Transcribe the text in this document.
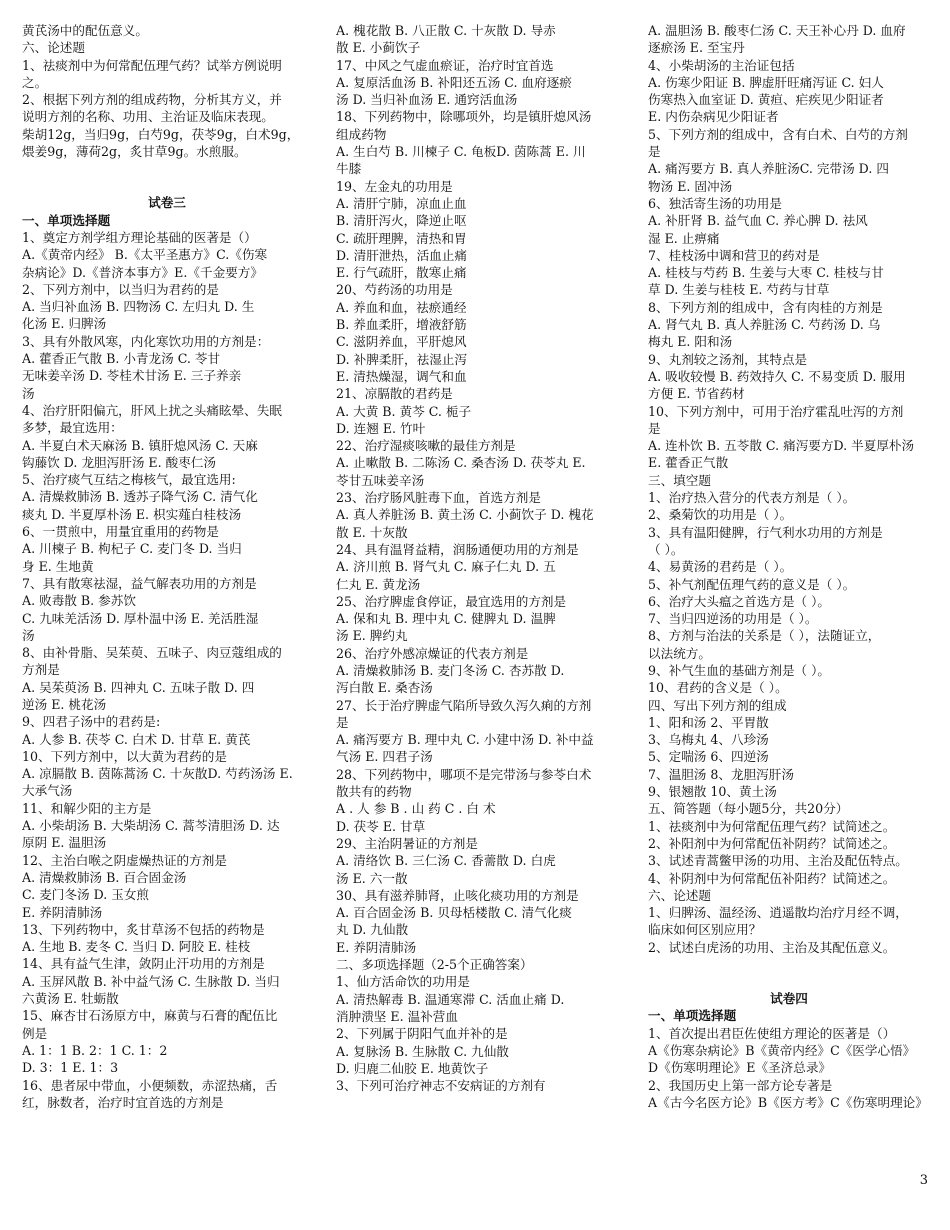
黄芪汤中的配伍意义。
六、论述题
1、祛痰剂中为何常配伍理气药？试举方例说明
之。
2、根据下列方剂的组成药物，分析其方义，并
说明方剂的名称、功用、主治证及临床表现。
柴胡12g，当归9g，白芍9g，茯苓9g，白术9g，
煨姜9g，薄荷2g，炙甘草9g。水煎服。
试卷三
一、单项选择题
1、奠定方剂学组方理论基础的医著是（）
A.《黄帝内经》 B.《太平圣惠方》C.《伤寒
杂病论》D.《普济本事方》E.《千金要方》
2、下列方剂中，以当归为君药的是
A. 当归补血汤 B. 四物汤 C. 左归丸 D. 生
化汤 E. 归脾汤
3、具有外散风寒，内化寒饮功用的方剂是：
A. 藿香正气散 B. 小青龙汤 C. 苓甘
无味姜辛汤 D. 苓桂术甘汤 E. 三子养亲
汤
4、治疗肝阳偏亢，肝风上扰之头痛眩晕、失眠
多梦，最宜选用：
A. 半夏白术天麻汤 B. 镇肝熄风汤 C. 天麻
钩藤饮 D. 龙胆泻肝汤 E. 酸枣仁汤
5、治疗痰气互结之梅核气，最宜选用:
A. 清燥救肺汤 B. 透苏子降气汤 C. 清气化
痰丸 D. 半夏厚朴汤 E. 枳实薤白桂枝汤
6、一贯煎中，用量宜重用的药物是
A. 川楝子 B. 枸杞子 C. 麦门冬 D. 当归
身 E. 生地黄
7、具有散寒祛湿，益气解表功用的方剂是
A. 败毒散 B. 参苏饮
C. 九味羌活汤 D. 厚朴温中汤 E. 羌活胜湿
汤
8、由补骨脂、吴茱萸、五味子、肉豆蔻组成的
方剂是
A. 吴茱萸汤 B. 四神丸 C. 五味子散 D. 四
逆汤 E. 桃花汤
9、四君子汤中的君药是:
A. 人参 B. 茯苓 C. 白术 D. 甘草 E. 黄芪
10、下列方剂中，以大黄为君药的是
A. 凉膈散 B. 茵陈蒿汤 C. 十灰散D. 芍药汤汤 E.
大承气汤
11、和解少阳的主方是
A. 小柴胡汤 B. 大柴胡汤 C. 蒿芩清胆汤 D. 达
原阴 E. 温胆汤
12、主治白喉之阴虚燥热证的方剂是
A. 清燥救肺汤 B. 百合固金汤
C. 麦门冬汤 D. 玉女煎
E. 养阴清肺汤
13、下列药物中，炙甘草汤不包括的药物是
A. 生地 B. 麦冬 C. 当归 D. 阿胶 E. 桂枝
14、具有益气生津，敛阴止汗功用的方剂是
A. 玉屏风散 B. 补中益气汤 C. 生脉散 D. 当归
六黄汤 E. 牡蛎散
15、麻杏甘石汤原方中，麻黄与石膏的配伍比
例是
A. 1：1 B. 2：1 C. 1：2
D. 3：1 E. 1：3
16、患者尿中带血，小便频数，赤涩热痛，舌
红，脉数者，治疗时宜首选的方剂是
A. 槐花散 B. 八正散 C. 十灰散 D. 导赤
散 E. 小蓟饮子
17、中风之气虚血瘀证，治疗时宜首选
A. 复原活血汤 B. 补阳还五汤 C. 血府逐瘀
汤 D. 当归补血汤 E. 通窍活血汤
18、下列药物中，除哪项外，均是镇肝熄风汤
组成药物
A. 生白芍 B. 川楝子 C. 龟板D. 茵陈蒿 E. 川
牛膝
19、左金丸的功用是
A. 清肝宁肺，凉血止血
B. 清肝泻火，降逆止呕
C. 疏肝理脾，清热和胃
D. 清肝泄热，活血止痛
E. 行气疏肝，散寒止痛
20、芍药汤的功用是
A. 养血和血，祛瘀通经
B. 养血柔肝，增液舒筋
C. 滋阴养血，平肝熄风
D. 补脾柔肝，祛湿止泻
E. 清热燥湿，调气和血
21、凉膈散的君药是
A. 大黄 B. 黄芩 C. 栀子
D. 连翘 E. 竹叶
22、治疗湿痰咳嗽的最佳方剂是
A. 止嗽散 B. 二陈汤 C. 桑杏汤 D. 茯苓丸 E.
苓甘五味姜辛汤
23、治疗肠风脏毒下血，首选方剂是
A. 真人养脏汤 B. 黄土汤 C. 小蓟饮子 D. 槐花
散 E. 十灰散
24、具有温肾益精，润肠通便功用的方剂是
A. 济川煎 B. 肾气丸 C. 麻子仁丸 D. 五
仁丸 E. 黄龙汤
25、治疗脾虚食停证，最宜选用的方剂是
A. 保和丸 B. 理中丸 C. 健脾丸 D. 温脾
汤 E. 脾约丸
26、治疗外感凉燥证的代表方剂是
A. 清燥救肺汤 B. 麦门冬汤 C. 杏苏散 D.
泻白散 E. 桑杏汤
27、长于治疗脾虚气陷所导致久泻久痢的方剂
是
A. 痛泻要方 B. 理中丸 C. 小建中汤 D. 补中益
气汤 E. 四君子汤
28、下列药物中，哪项不是完带汤与参苓白术
散共有的药物
A . 人 参 B . 山 药 C . 白 术
D. 茯苓 E. 甘草
29、主治阴暑证的方剂是
A. 清络饮 B. 三仁汤 C. 香薷散 D. 白虎
汤 E. 六一散
30、具有滋养肺肾，止咳化痰功用的方剂是
A. 百合固金汤 B. 贝母栝楼散 C. 清气化痰
丸 D. 九仙散
E. 养阴清肺汤
二、多项选择题（2-5个正确答案）
1、仙方活命饮的功用是
A. 清热解毒 B. 温通寒滞 C. 活血止痛 D.
消肿溃坚 E. 温补营血
2、下列属于阴阳气血并补的是
A. 复脉汤 B. 生脉散 C. 九仙散
D. 归鹿二仙胶 E. 地黄饮子
3、下列可治疗神志不安病证的方剂有
A. 温胆汤 B. 酸枣仁汤 C. 天王补心丹 D. 血府
逐瘀汤 E. 至宝丹
4、小柴胡汤的主治证包括
A. 伤寒少阳证 B. 脾虚肝旺痛泻证 C. 妇人
伤寒热入血室证 D. 黄疸、疟疾见少阳证者
E. 内伤杂病见少阳证者
5、下列方剂的组成中，含有白术、白芍的方剂
是
A. 痛泻要方 B. 真人养脏汤C. 完带汤 D. 四
物汤 E. 固冲汤
6、独活寄生汤的功用是
A. 补肝肾 B. 益气血 C. 养心脾 D. 祛风
湿 E. 止痹痛
7、桂枝汤中调和营卫的药对是
A. 桂枝与芍药 B. 生姜与大枣 C. 桂枝与甘
草 D. 生姜与桂枝 E. 芍药与甘草
8、下列方剂的组成中，含有肉桂的方剂是
A. 肾气丸 B. 真人养脏汤 C. 芍药汤 D. 乌
梅丸 E. 阳和汤
9、丸剂较之汤剂，其特点是
A. 吸收较慢 B. 药效持久 C. 不易变质 D. 服用
方便 E. 节省药材
10、下列方剂中，可用于治疗霍乱吐泻的方剂
是
A. 连朴饮 B. 五苓散 C. 痛泻要方D. 半夏厚朴汤
E. 藿香正气散
三、填空题
1、治疗热入营分的代表方剂是（ ）。
2、桑菊饮的功用是（ ）。
3、具有温阳健脾，行气利水功用的方剂是
（ ）。
4、易黄汤的君药是（ ）。
5、补气剂配伍理气药的意义是（ ）。
6、治疗大头瘟之首选方是（ ）。
7、当归四逆汤的功用是（ ）。
8、方剂与治法的关系是（ ），法随证立，
以法统方。
9、补气生血的基础方剂是（ ）。
10、君药的含义是（ ）。
四、写出下列方剂的组成
1、阳和汤 2、平胃散
3、乌梅丸 4、八珍汤
5、定喘汤 6、四逆汤
7、温胆汤 8、龙胆泻肝汤
9、银翘散 10、黄土汤
五、简答题（每小题5分，共20分）
1、祛痰剂中为何常配伍理气药？试简述之。
2、补阳剂中为何常配伍补阴药？试简述之。
3、试述青蒿鳖甲汤的功用、主治及配伍特点。
4、补阴剂中为何常配伍补阳药？试简述之。
六、论述题
1、归脾汤、温经汤、逍遥散均治疗月经不调，
临床如何区别应用？
2、试述白虎汤的功用、主治及其配伍意义。
试卷四
一、单项选择题
1、首次提出君臣佐使组方理论的医著是（）
A《伤寒杂病论》B《黄帝内经》C《医学心悟》
D《伤寒明理论》E《圣济总录》
2、我国历史上第一部方论专著是
A《古今名医方论》B《医方考》C《伤寒明理论》
3
